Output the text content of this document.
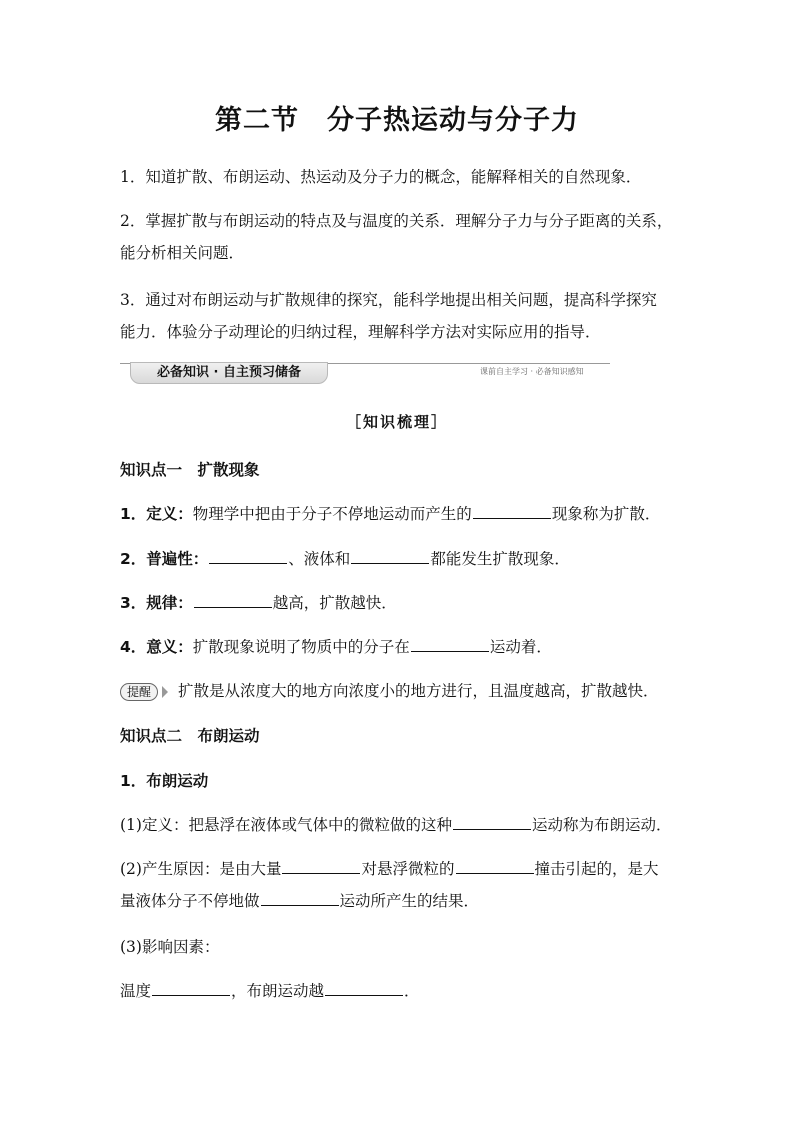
第二节　分子热运动与分子力
1．知道扩散、布朗运动、热运动及分子力的概念，能解释相关的自然现象．
2．掌握扩散与布朗运动的特点及与温度的关系．理解分子力与分子距离的关系，
能分析相关问题．
3．通过对布朗运动与扩散规律的探究，能科学地提出相关问题，提高科学探究
能力．体验分子动理论的归纳过程，理解科学方法对实际应用的指导．
必备知识 · 自主预习储备	课前自主学习 · 必备知识感知
［知识梳理］
知识点一　扩散现象
1．定义：物理学中把由于分子不停地运动而产生的	现象称为扩散．
2．普遍性：	、液体和	都能发生扩散现象．
3．规律：	越高，扩散越快．
4．意义：扩散现象说明了物质中的分子在	运动着．
提醒 扩散是从浓度大的地方向浓度小的地方进行，且温度越高，扩散越快．
知识点二　布朗运动
1．布朗运动
(1)定义：把悬浮在液体或气体中的微粒做的这种	运动称为布朗运动．
(2)产生原因：是由大量	对悬浮微粒的	撞击引起的，是大
量液体分子不停地做	运动所产生的结果．
(3)影响因素：
温度	，布朗运动越	．
